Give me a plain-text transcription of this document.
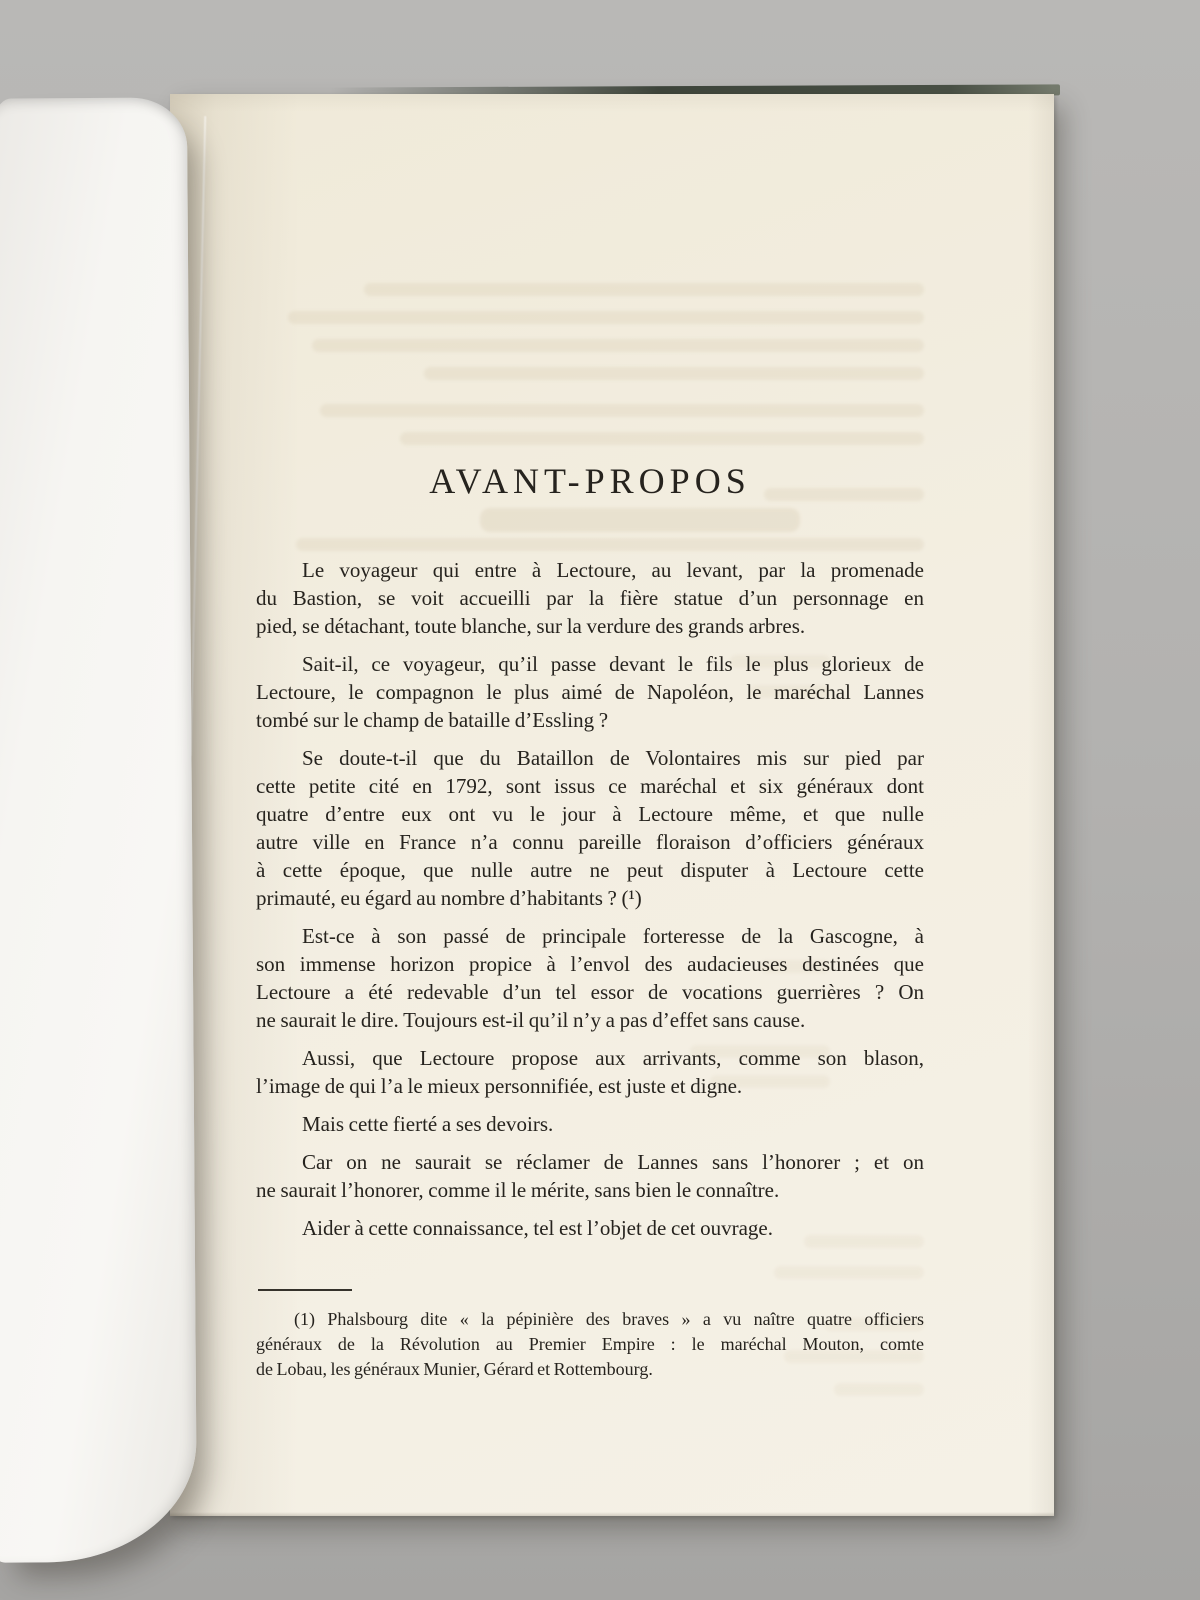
AVANT-PROPOS
Le voyageur qui entre à Lectoure, au levant, par la promenade
du Bastion, se voit accueilli par la fière statue d’un personnage en
pied, se détachant, toute blanche, sur la verdure des grands arbres.
Sait-il, ce voyageur, qu’il passe devant le fils le plus glorieux de
Lectoure, le compagnon le plus aimé de Napoléon, le maréchal Lannes
tombé sur le champ de bataille d’Essling ?
Se doute-t-il que du Bataillon de Volontaires mis sur pied par
cette petite cité en 1792, sont issus ce maréchal et six généraux dont
quatre d’entre eux ont vu le jour à Lectoure même, et que nulle
autre ville en France n’a connu pareille floraison d’officiers généraux
à cette époque, que nulle autre ne peut disputer à Lectoure cette
primauté, eu égard au nombre d’habitants ? (¹)
Est-ce à son passé de principale forteresse de la Gascogne, à
son immense horizon propice à l’envol des audacieuses destinées que
Lectoure a été redevable d’un tel essor de vocations guerrières ? On
ne saurait le dire. Toujours est-il qu’il n’y a pas d’effet sans cause.
Aussi, que Lectoure propose aux arrivants, comme son blason,
l’image de qui l’a le mieux personnifiée, est juste et digne.
Mais cette fierté a ses devoirs.
Car on ne saurait se réclamer de Lannes sans l’honorer ; et on
ne saurait l’honorer, comme il le mérite, sans bien le connaître.
Aider à cette connaissance, tel est l’objet de cet ouvrage.
(1) Phalsbourg dite « la pépinière des braves » a vu naître quatre officiers
généraux de la Révolution au Premier Empire : le maréchal Mouton, comte
de Lobau, les généraux Munier, Gérard et Rottembourg.
